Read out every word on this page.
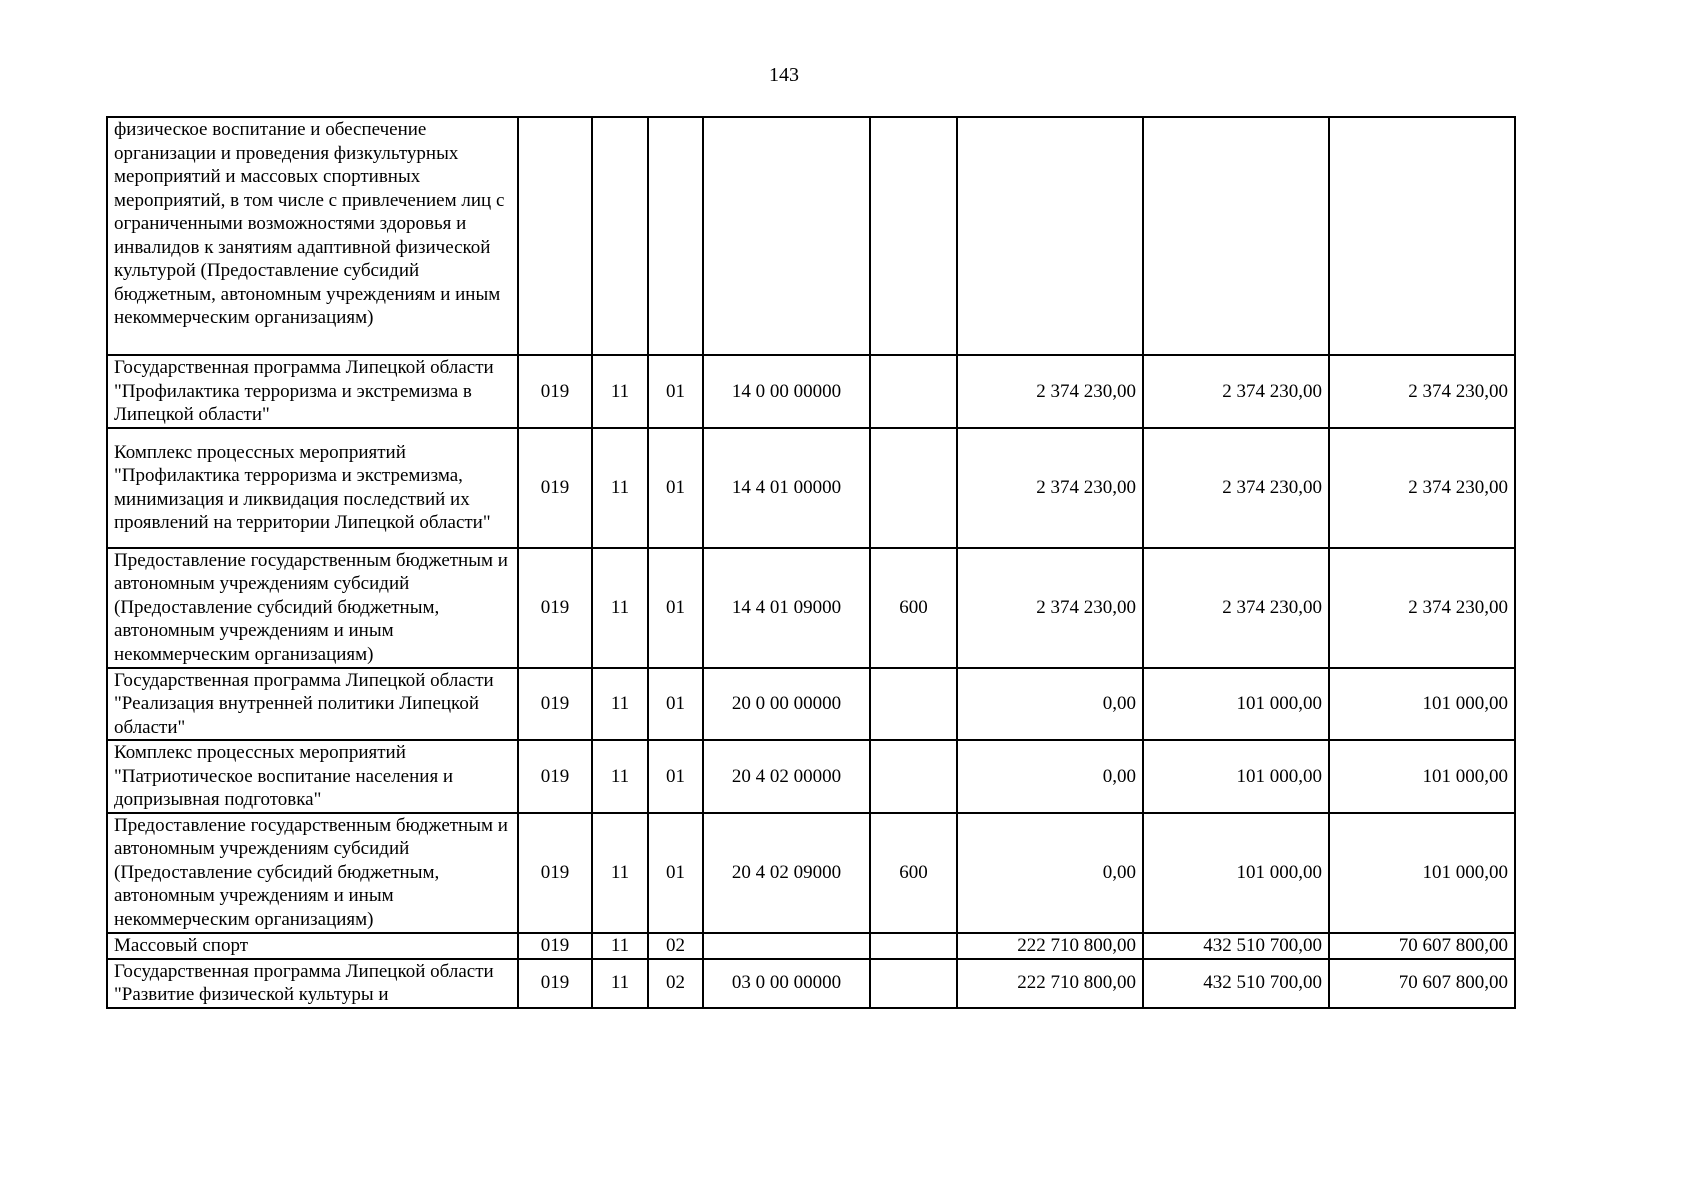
143
физическое воспитание и обеспечение организации и проведения физкультурных мероприятий и массовых спортивных мероприятий, в том числе с привлечением лиц с ограниченными возможностями здоровья и инвалидов к занятиям адаптивной физической культурой (Предоставление субсидий бюджетным, автономным учреждениям и иным некоммерческим организациям)								
Государственная программа Липецкой области "Профилактика терроризма и экстремизма в Липецкой области"	019	11	01	14 0 00 00000		2 374 230,00	2 374 230,00	2 374 230,00
Комплекс процессных мероприятий "Профилактика терроризма и экстремизма, минимизация и ликвидация последствий их проявлений на территории Липецкой области"	019	11	01	14 4 01 00000		2 374 230,00	2 374 230,00	2 374 230,00
Предоставление государственным бюджетным и автономным учреждениям субсидий (Предоставление субсидий бюджетным, автономным учреждениям и иным некоммерческим организациям)	019	11	01	14 4 01 09000	600	2 374 230,00	2 374 230,00	2 374 230,00
Государственная программа Липецкой области "Реализация внутренней политики Липецкой области"	019	11	01	20 0 00 00000		0,00	101 000,00	101 000,00
Комплекс процессных мероприятий "Патриотическое воспитание населения и допризывная подготовка"	019	11	01	20 4 02 00000		0,00	101 000,00	101 000,00
Предоставление государственным бюджетным и автономным учреждениям субсидий (Предоставление субсидий бюджетным, автономным учреждениям и иным некоммерческим организациям)	019	11	01	20 4 02 09000	600	0,00	101 000,00	101 000,00
Массовый спорт	019	11	02			222 710 800,00	432 510 700,00	70 607 800,00
Государственная программа Липецкой области "Развитие физической культуры и	019	11	02	03 0 00 00000		222 710 800,00	432 510 700,00	70 607 800,00
